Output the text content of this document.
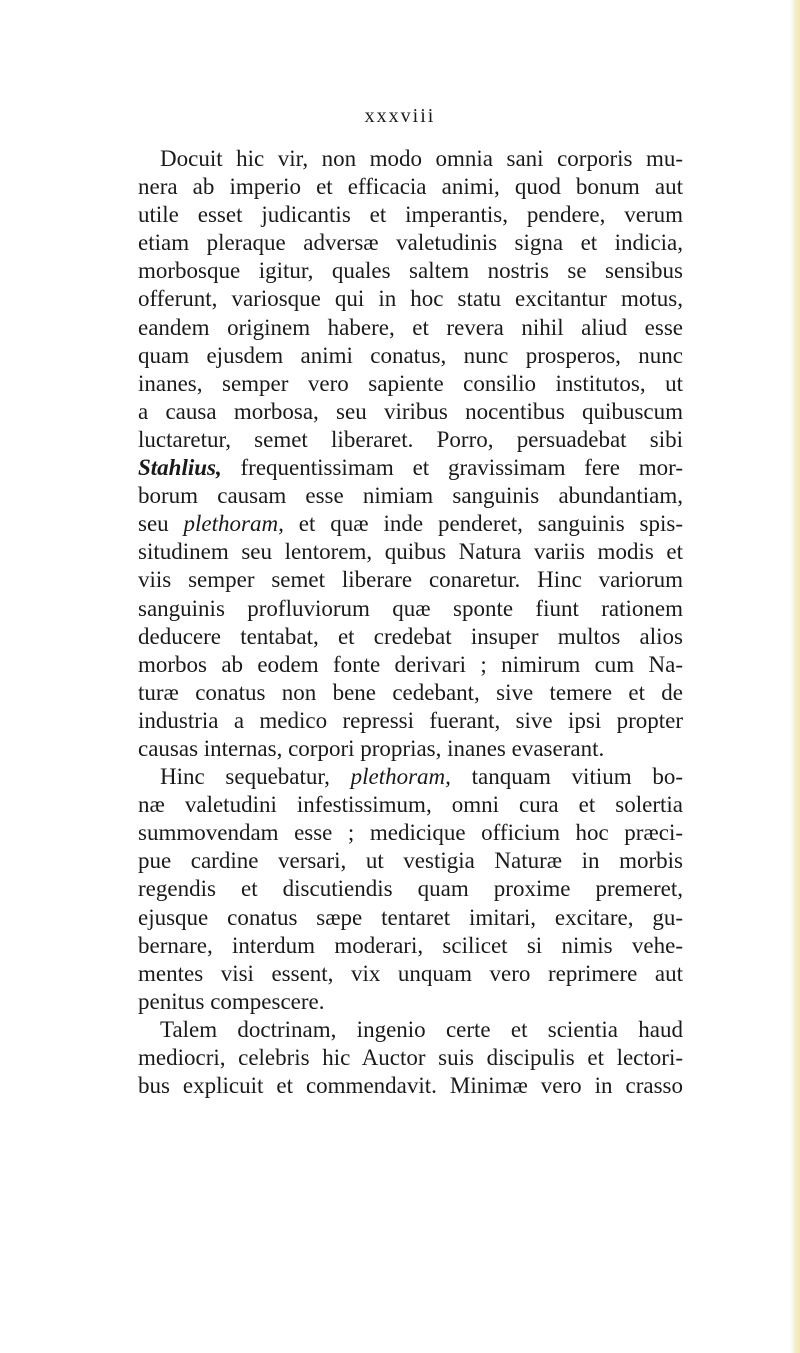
xxxviii
Docuit hic vir, non modo omnia sani corporis mu-
nera ab imperio et efficacia animi, quod bonum aut
utile esset judicantis et imperantis, pendere, verum
etiam pleraque adversæ valetudinis signa et indicia,
morbosque igitur, quales saltem nostris se sensibus
offerunt, variosque qui in hoc statu excitantur motus,
eandem originem habere, et revera nihil aliud esse
quam ejusdem animi conatus, nunc prosperos, nunc
inanes, semper vero sapiente consilio institutos, ut
a causa morbosa, seu viribus nocentibus quibuscum
luctaretur, semet liberaret. Porro, persuadebat sibi
Stahlius, frequentissimam et gravissimam fere mor-
borum causam esse nimiam sanguinis abundantiam,
seu plethoram, et quæ inde penderet, sanguinis spis-
situdinem seu lentorem, quibus Natura variis modis et
viis semper semet liberare conaretur. Hinc variorum
sanguinis profluviorum quæ sponte fiunt rationem
deducere tentabat, et credebat insuper multos alios
morbos ab eodem fonte derivari ; nimirum cum Na-
turæ conatus non bene cedebant, sive temere et de
industria a medico repressi fuerant, sive ipsi propter
causas internas, corpori proprias, inanes evaserant.
Hinc sequebatur, plethoram, tanquam vitium bo-
næ valetudini infestissimum, omni cura et solertia
summovendam esse ; medicique officium hoc præci-
pue cardine versari, ut vestigia Naturæ in morbis
regendis et discutiendis quam proxime premeret,
ejusque conatus sæpe tentaret imitari, excitare, gu-
bernare, interdum moderari, scilicet si nimis vehe-
mentes visi essent, vix unquam vero reprimere aut
penitus compescere.
Talem doctrinam, ingenio certe et scientia haud
mediocri, celebris hic Auctor suis discipulis et lectori-
bus explicuit et commendavit. Minimæ vero in crasso
